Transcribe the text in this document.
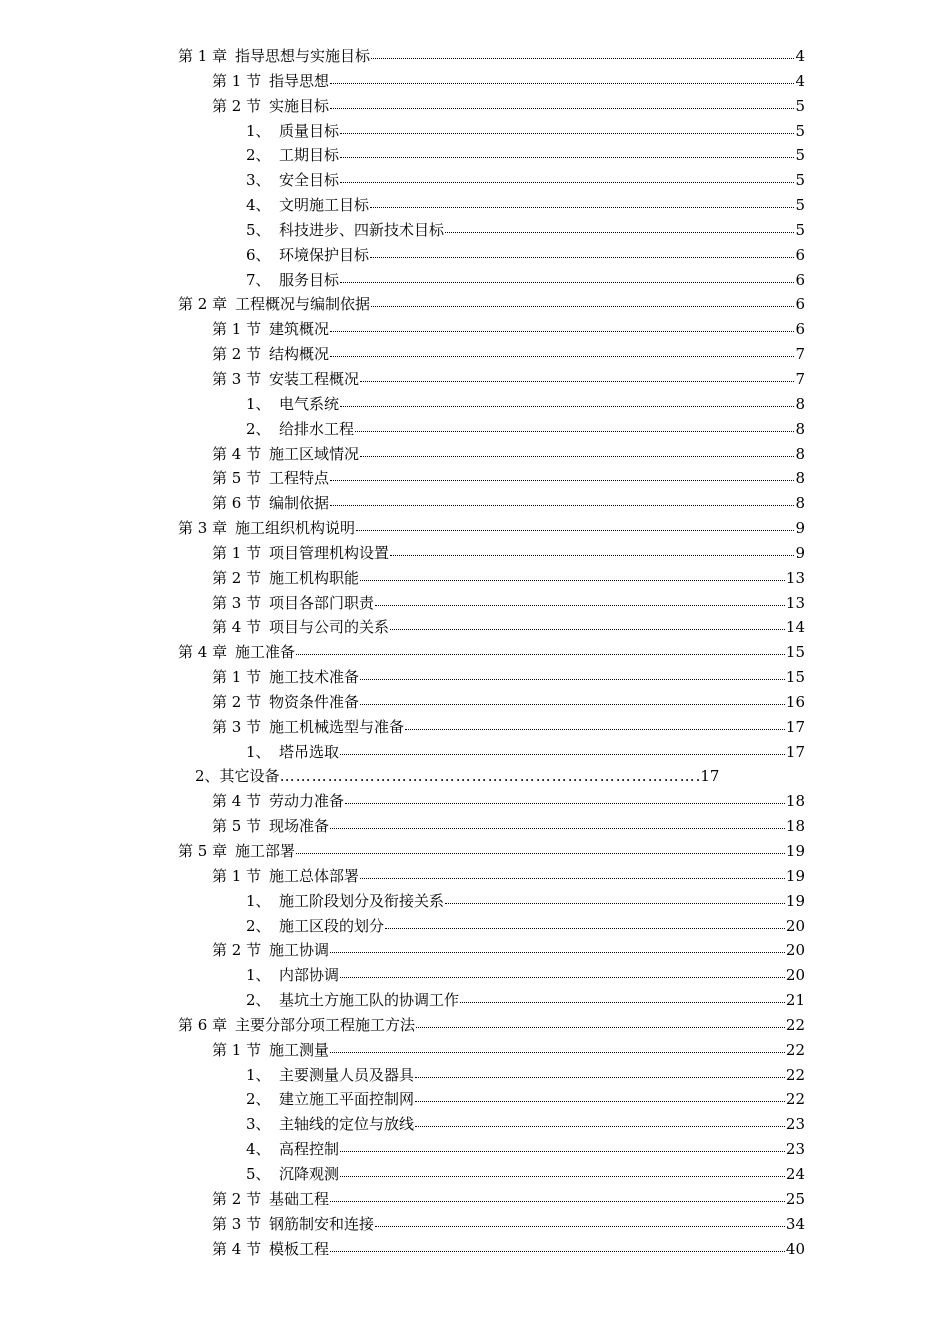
第 1 章 指导思想与实施目标	4
第 1 节 指导思想	4
第 2 节 实施目标	5
1、 质量目标	5
2、 工期目标	5
3、 安全目标	5
4、 文明施工目标	5
5、 科技进步、四新技术目标	5
6、 环境保护目标	6
7、 服务目标	6
第 2 章 工程概况与编制依据	6
第 1 节 建筑概况	6
第 2 节 结构概况	7
第 3 节 安装工程概况	7
1、 电气系统	8
2、 给排水工程	8
第 4 节 施工区域情况	8
第 5 节 工程特点	8
第 6 节 编制依据	8
第 3 章 施工组织机构说明	9
第 1 节 项目管理机构设置	9
第 2 节 施工机构职能	13
第 3 节 项目各部门职责	13
第 4 节 项目与公司的关系	14
第 4 章 施工准备	15
第 1 节 施工技术准备	15
第 2 节 物资条件准备	16
第 3 节 施工机械选型与准备	17
1、 塔吊选取	17
2、 其它设备 …………………………………………………………………… .17
第 4 节 劳动力准备	18
第 5 节 现场准备	18
第 5 章 施工部署	19
第 1 节 施工总体部署	19
1、 施工阶段划分及衔接关系	19
2、 施工区段的划分	20
第 2 节 施工协调	20
1、 内部协调	20
2、 基坑土方施工队的协调工作	21
第 6 章 主要分部分项工程施工方法	22
第 1 节 施工测量	22
1、 主要测量人员及器具	22
2、 建立施工平面控制网	22
3、 主轴线的定位与放线	23
4、 高程控制	23
5、 沉降观测	24
第 2 节 基础工程	25
第 3 节 钢筋制安和连接	34
第 4 节 模板工程	40
